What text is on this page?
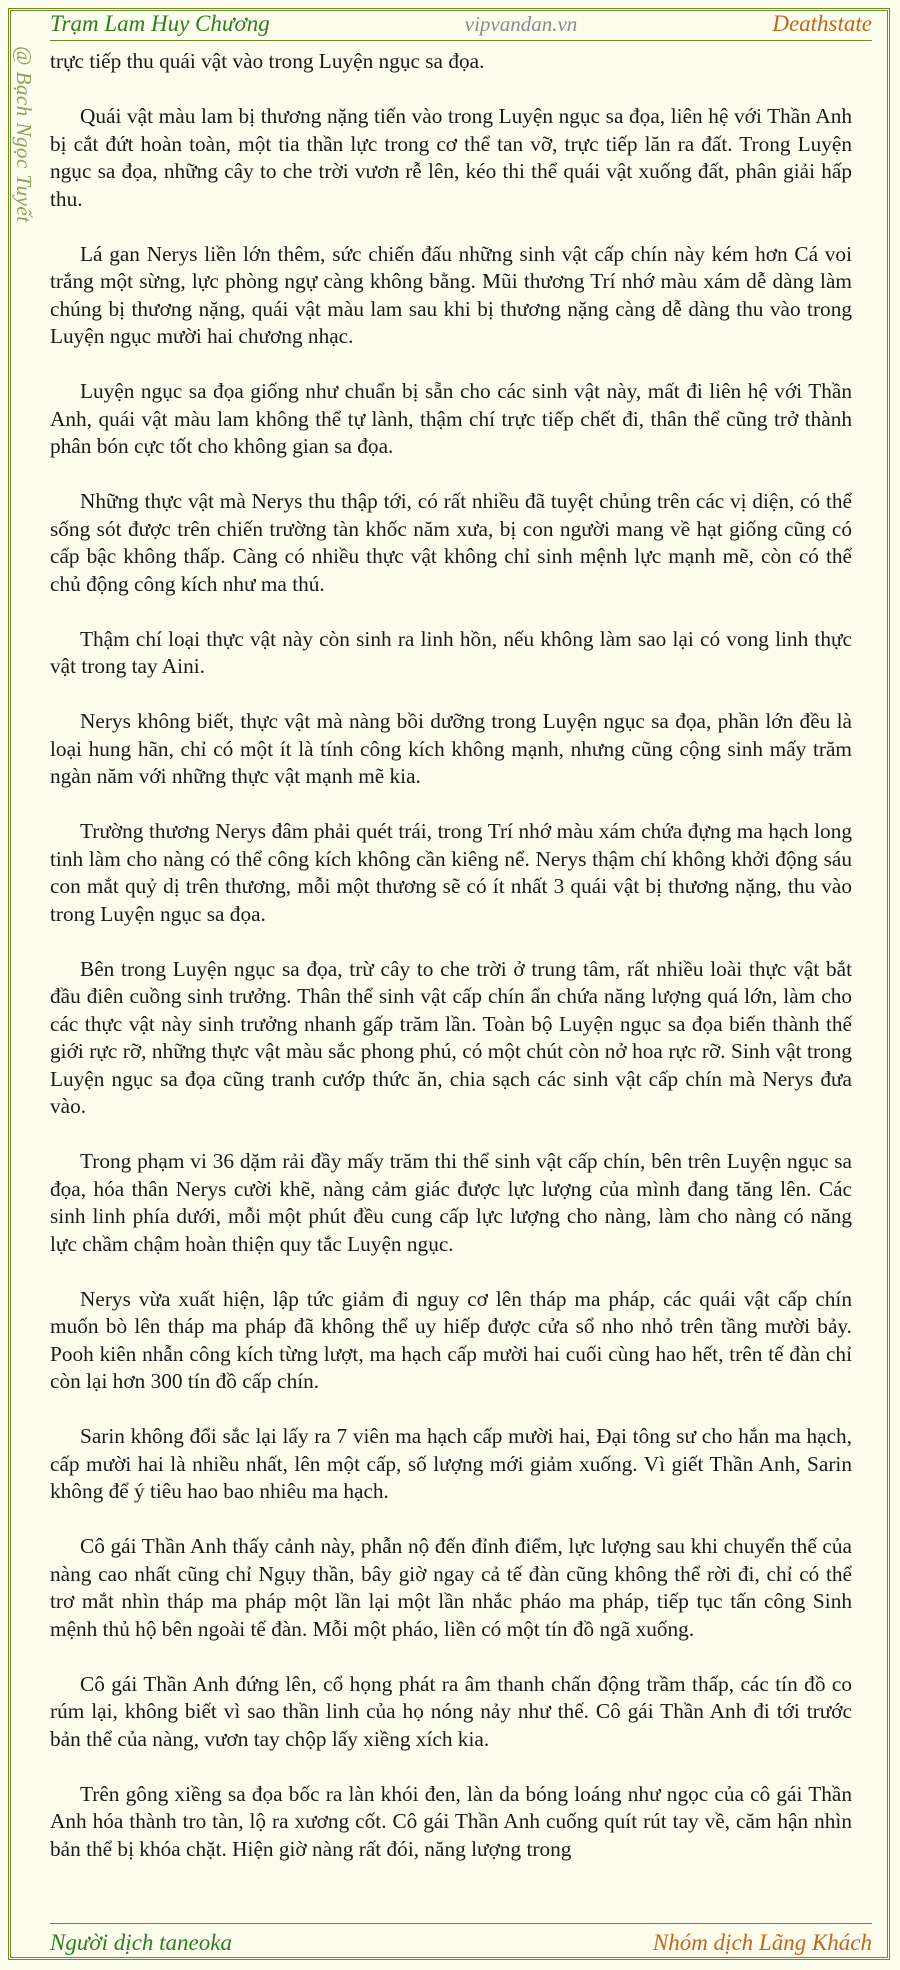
Trạm Lam Huy Chương	vipvandan.vn	Deathstate
@ Bạch Ngọc Tuyết trực tiếp thu quái vật vào trong Luyện ngục sa đọa.

Quái vật màu lam bị thương nặng tiến vào trong Luyện ngục sa đọa, liên hệ với Thần Anh bị cắt đứt hoàn toàn, một tia thần lực trong cơ thể tan vỡ, trực tiếp lăn ra đất. Trong Luyện ngục sa đọa, những cây to che trời vươn rễ lên, kéo thi thể quái vật xuống đất, phân giải hấp thu.

Lá gan Nerys liền lớn thêm, sức chiến đấu những sinh vật cấp chín này kém hơn Cá voi trắng một sừng, lực phòng ngự càng không bằng. Mũi thương Trí nhớ màu xám dễ dàng làm chúng bị thương nặng, quái vật màu lam sau khi bị thương nặng càng dễ dàng thu vào trong Luyện ngục mười hai chương nhạc.

Luyện ngục sa đọa giống như chuẩn bị sẵn cho các sinh vật này, mất đi liên hệ với Thần Anh, quái vật màu lam không thể tự lành, thậm chí trực tiếp chết đi, thân thể cũng trở thành phân bón cực tốt cho không gian sa đọa.

Những thực vật mà Nerys thu thập tới, có rất nhiều đã tuyệt chủng trên các vị diện, có thể sống sót được trên chiến trường tàn khốc năm xưa, bị con người mang về hạt giống cũng có cấp bậc không thấp. Càng có nhiều thực vật không chỉ sinh mệnh lực mạnh mẽ, còn có thể chủ động công kích như ma thú.

Thậm chí loại thực vật này còn sinh ra linh hồn, nếu không làm sao lại có vong linh thực vật trong tay Aini.

Nerys không biết, thực vật mà nàng bồi dưỡng trong Luyện ngục sa đọa, phần lớn đều là loại hung hãn, chỉ có một ít là tính công kích không mạnh, nhưng cũng cộng sinh mấy trăm ngàn năm với những thực vật mạnh mẽ kia.

Trường thương Nerys đâm phải quét trái, trong Trí nhớ màu xám chứa đựng ma hạch long tinh làm cho nàng có thể công kích không cần kiêng nể. Nerys thậm chí không khởi động sáu con mắt quỷ dị trên thương, mỗi một thương sẽ có ít nhất 3 quái vật bị thương nặng, thu vào trong Luyện ngục sa đọa.

Bên trong Luyện ngục sa đọa, trừ cây to che trời ở trung tâm, rất nhiều loài thực vật bắt đầu điên cuồng sinh trưởng. Thân thể sinh vật cấp chín ẩn chứa năng lượng quá lớn, làm cho các thực vật này sinh trưởng nhanh gấp trăm lần. Toàn bộ Luyện ngục sa đọa biến thành thế giới rực rỡ, những thực vật màu sắc phong phú, có một chút còn nở hoa rực rỡ. Sinh vật trong Luyện ngục sa đọa cũng tranh cướp thức ăn, chia sạch các sinh vật cấp chín mà Nerys đưa vào.

Trong phạm vi 36 dặm rải đầy mấy trăm thi thể sinh vật cấp chín, bên trên Luyện ngục sa đọa, hóa thân Nerys cười khẽ, nàng cảm giác được lực lượng của mình đang tăng lên. Các sinh linh phía dưới, mỗi một phút đều cung cấp lực lượng cho nàng, làm cho nàng có năng lực chầm chậm hoàn thiện quy tắc Luyện ngục.

Nerys vừa xuất hiện, lập tức giảm đi nguy cơ lên tháp ma pháp, các quái vật cấp chín muốn bò lên tháp ma pháp đã không thể uy hiếp được cửa sổ nho nhỏ trên tầng mười bảy. Pooh kiên nhẫn công kích từng lượt, ma hạch cấp mười hai cuối cùng hao hết, trên tế đàn chỉ còn lại hơn 300 tín đồ cấp chín.

Sarin không đổi sắc lại lấy ra 7 viên ma hạch cấp mười hai, Đại tông sư cho hắn ma hạch, cấp mười hai là nhiều nhất, lên một cấp, số lượng mới giảm xuống. Vì giết Thần Anh, Sarin không để ý tiêu hao bao nhiêu ma hạch.

Cô gái Thần Anh thấy cảnh này, phẫn nộ đến đỉnh điểm, lực lượng sau khi chuyển thế của nàng cao nhất cũng chỉ Ngụy thần, bây giờ ngay cả tế đàn cũng không thể rời đi, chỉ có thể trơ mắt nhìn tháp ma pháp một lần lại một lần nhắc pháo ma pháp, tiếp tục tấn công Sinh mệnh thủ hộ bên ngoài tế đàn. Mỗi một pháo, liền có một tín đồ ngã xuống.

Cô gái Thần Anh đứng lên, cổ họng phát ra âm thanh chấn động trầm thấp, các tín đồ co rúm lại, không biết vì sao thần linh của họ nóng nảy như thế. Cô gái Thần Anh đi tới trước bản thể của nàng, vươn tay chộp lấy xiềng xích kia.

Trên gông xiềng sa đọa bốc ra làn khói đen, làn da bóng loáng như ngọc của cô gái Thần Anh hóa thành tro tàn, lộ ra xương cốt. Cô gái Thần Anh cuống quít rút tay về, căm hận nhìn bản thể bị khóa chặt. Hiện giờ nàng rất đói, năng lượng trong

Người dịch taneoka	Nhóm dịch Lãng Khách
